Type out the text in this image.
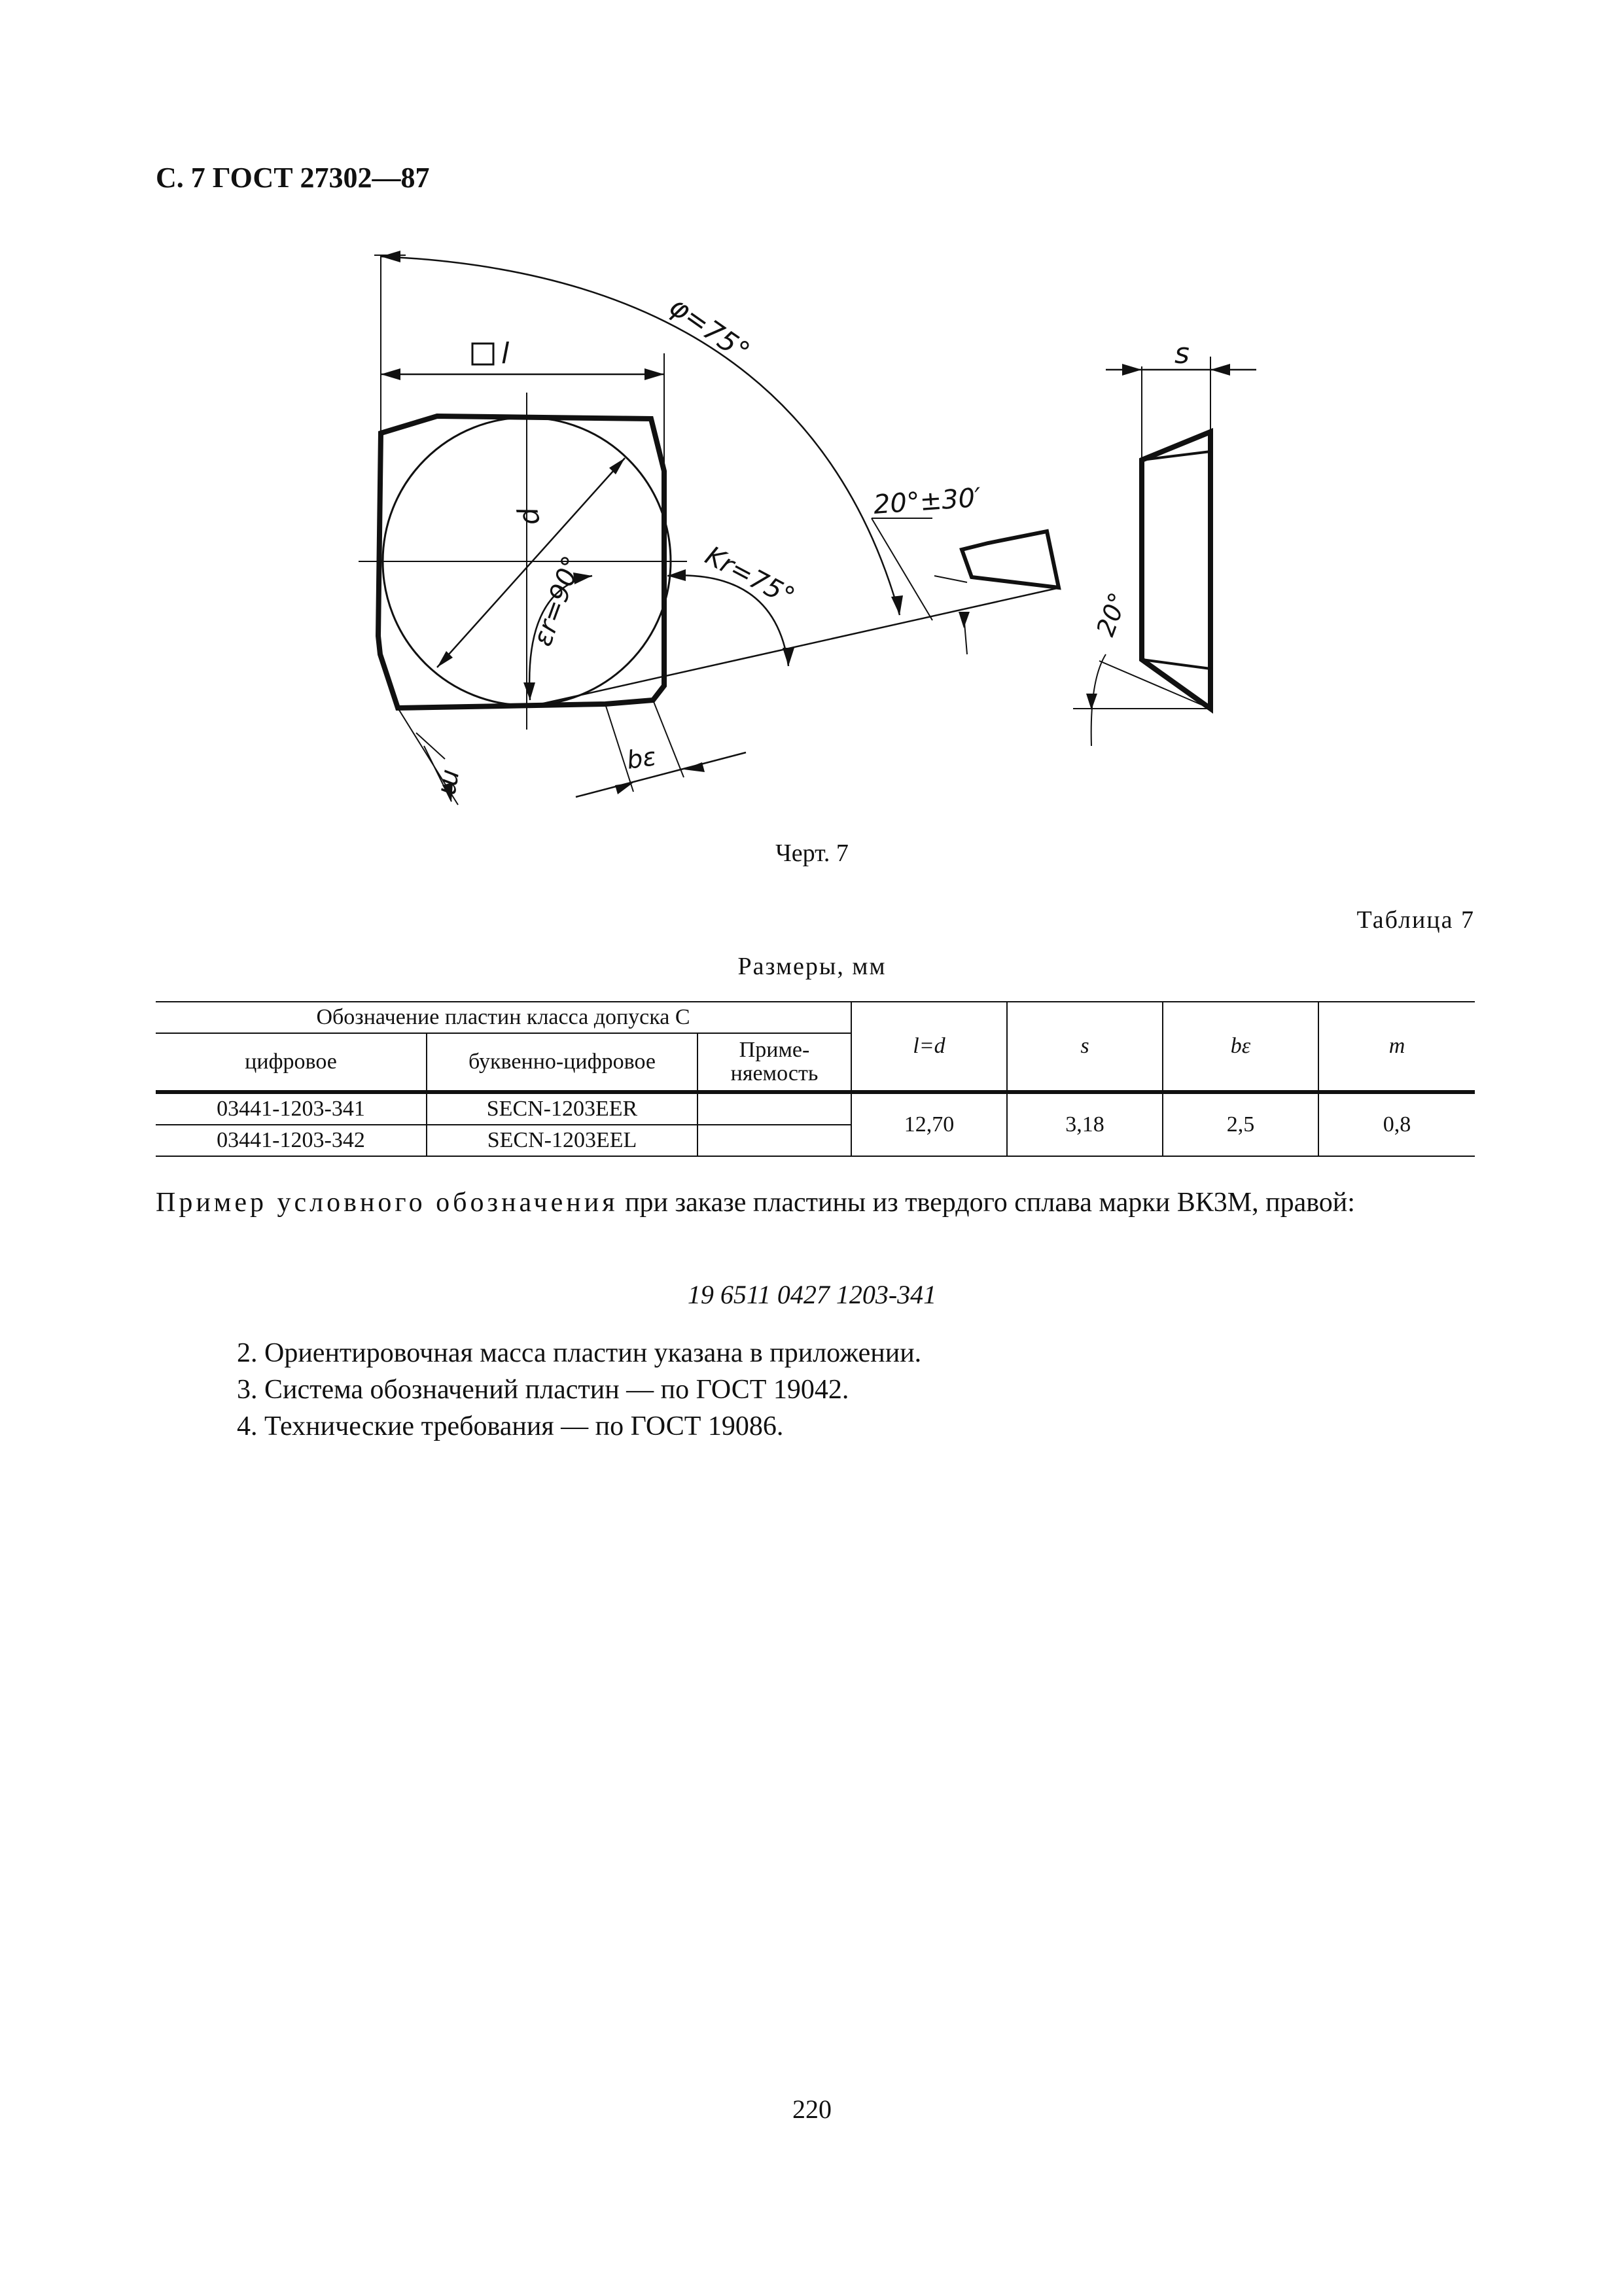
С. 7 ГОСТ 27302—87
l
d
φ=75°
Kr=75°
εr=90°
20°±30′
s
20°
bε
m
Черт. 7
Таблица 7
Размеры, мм
Обозначение пластин класса допуска С			l=d	s	bε	m
цифровое	буквенно-цифровое	Приме-няемость				
03441-1203-341	SECN-1203EER		12,70	3,18	2,5	0,8
03441-1203-342	SECN-1203EEL					
Пример условного обозначения при заказе пластины из твердого сплава марки ВК3М, правой:
19 6511 0427 1203-341
2. Ориентировочная масса пластин указана в приложении.
3. Система обозначений пластин — по ГОСТ 19042.
4. Технические требования — по ГОСТ 19086.
220
